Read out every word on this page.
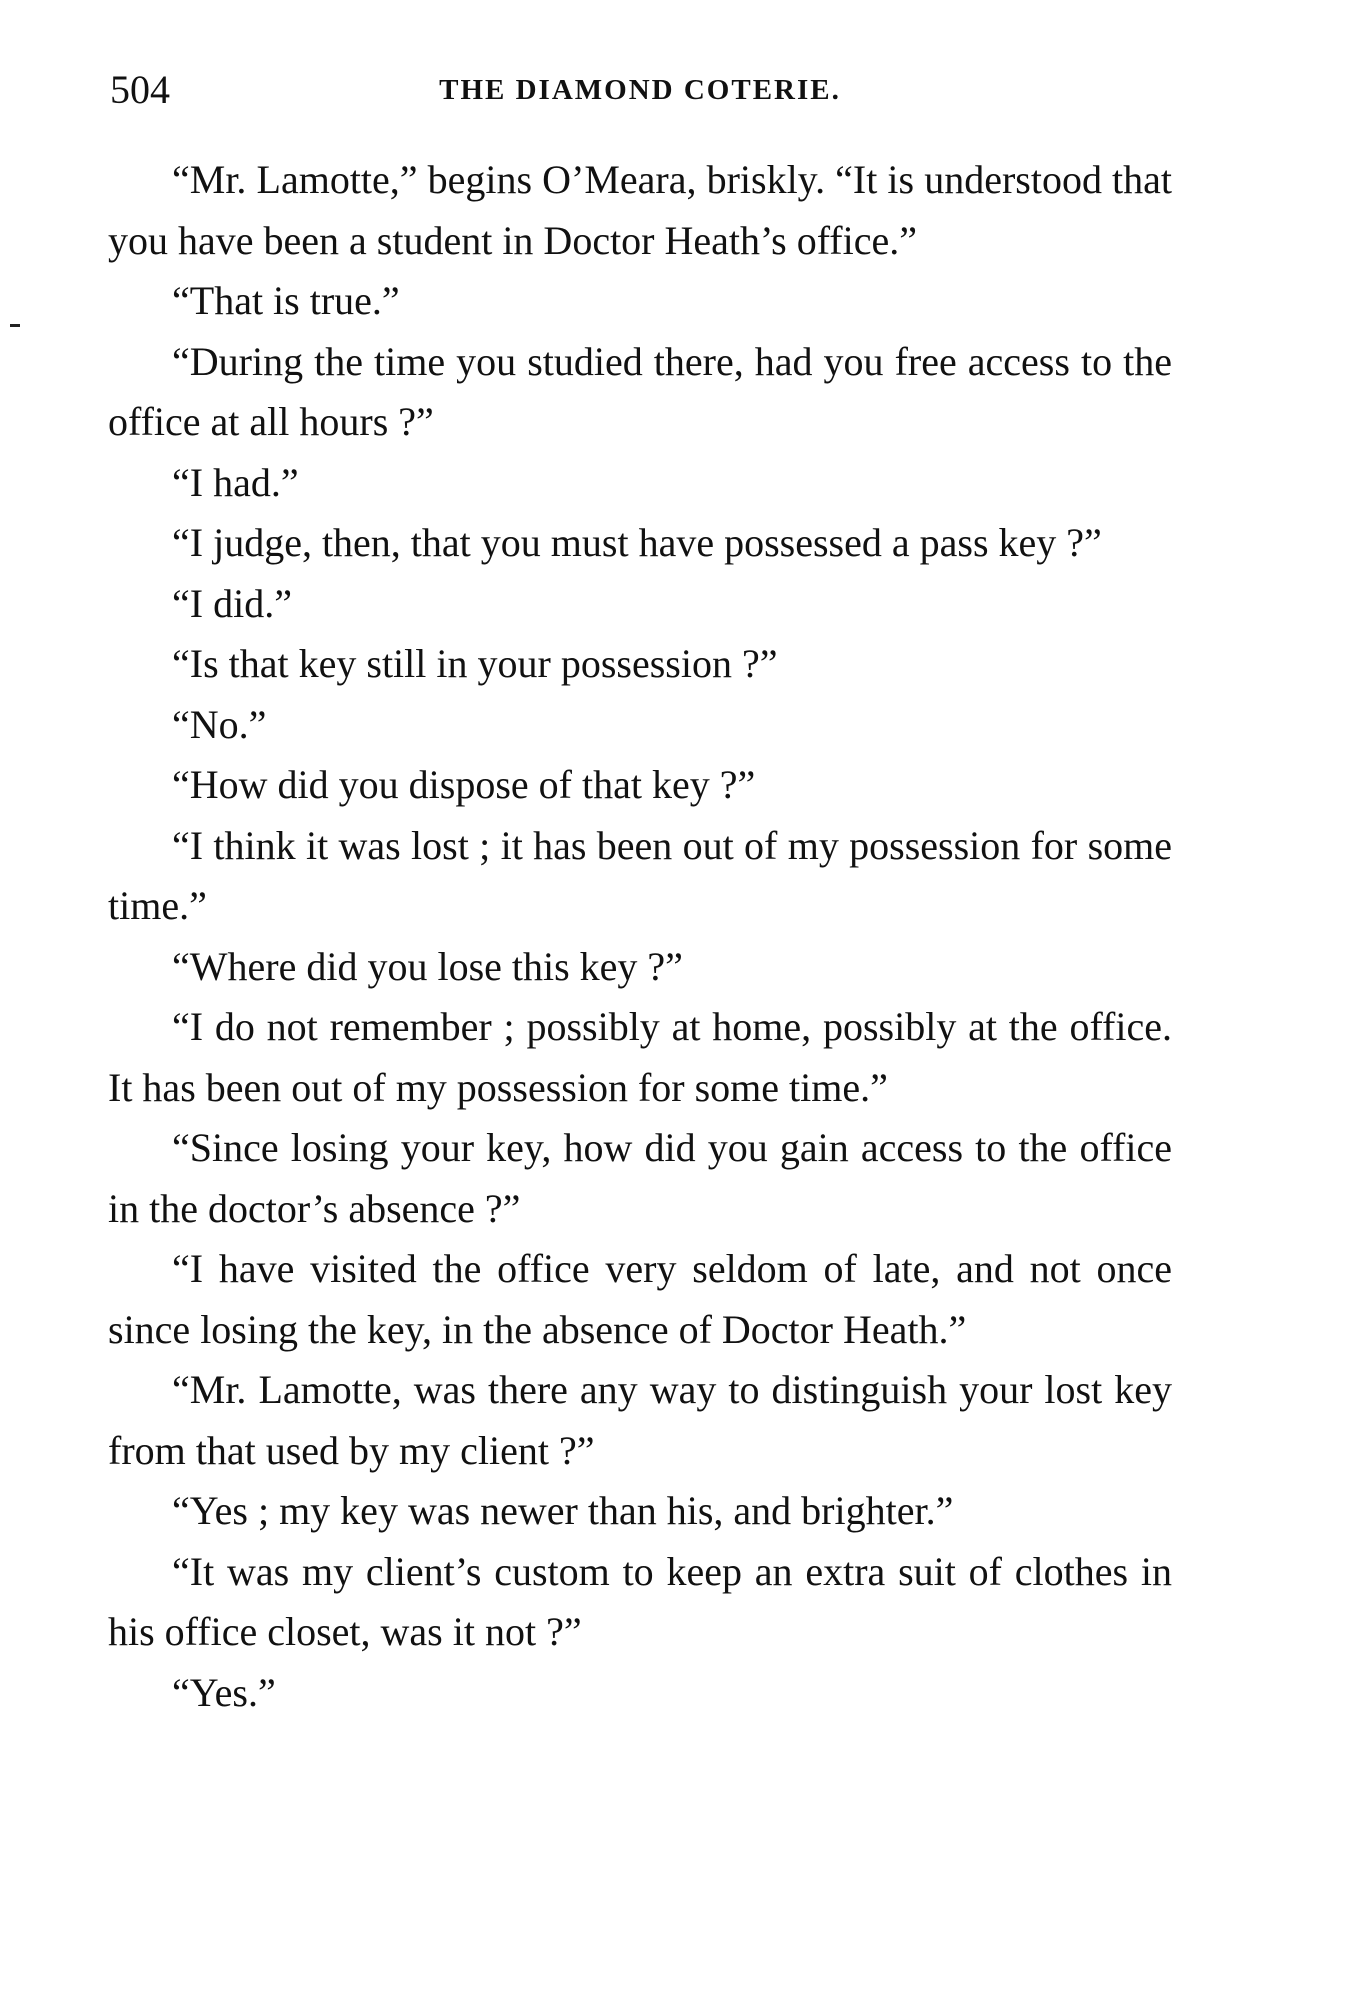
504	THE DIAMOND COTERIE.

“Mr. Lamotte,” begins O’Meara, briskly. “It is understood that you have been a student in Doctor Heath’s office.”

“That is true.”

“During the time you studied there, had you free access to the office at all hours ?”

“I had.”

“I judge, then, that you must have possessed a pass key ?”

“I did.”

“Is that key still in your possession ?”

“No.”

“How did you dispose of that key ?”

“I think it was lost ; it has been out of my possession for some time.”

“Where did you lose this key ?”

“I do not remember ; possibly at home, possibly at the office. It has been out of my possession for some time.”

“Since losing your key, how did you gain access to the office in the doctor’s absence ?”

“I have visited the office very seldom of late, and not once since losing the key, in the absence of Doctor Heath.”

“Mr. Lamotte, was there any way to distinguish your lost key from that used by my client ?”

“Yes ; my key was newer than his, and brighter.”

“It was my client’s custom to keep an extra suit of clothes in his office closet, was it not ?”

“Yes.”
